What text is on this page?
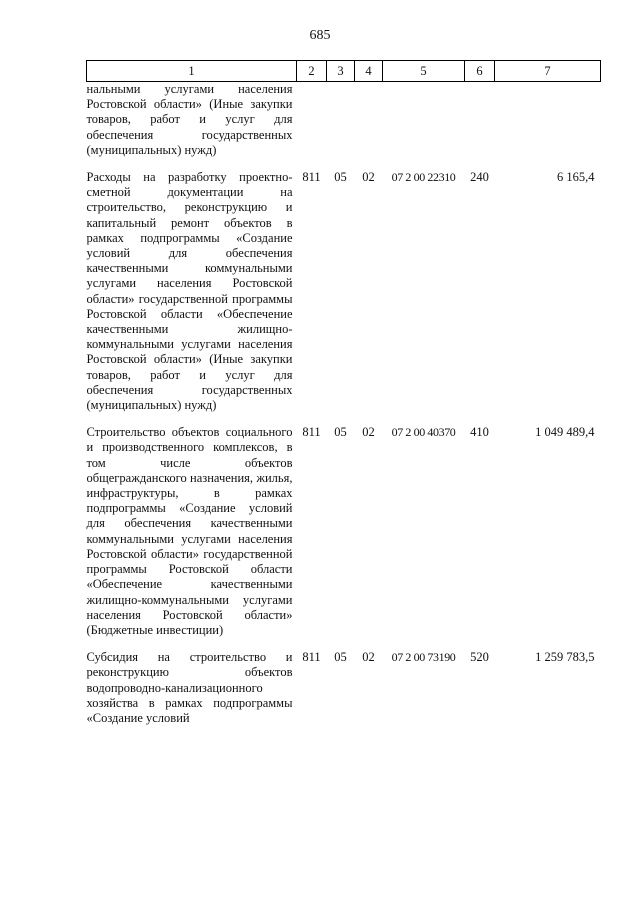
685
1	2	3	4	5	6	7
нальными услугами населения Ростовской области» (Иные закупки товаров, работ и услуг для обеспечения государственных (муниципальных) нужд)						

Расходы на разработку проектно-сметной документации на строительство, реконструкцию и капитальный ремонт объектов в рамках подпрограммы «Создание условий для обеспечения качественными коммунальными услугами населения Ростовской области» государственной программы Ростовской области «Обеспечение качественными жилищно-коммунальными услугами населения Ростовской области» (Иные закупки товаров, работ и услуг для обеспечения государственных (муниципальных) нужд)	811	05	02	07 2 00 22310	240	6 165,4

Строительство объектов социального и производственного комплексов, в том числе объектов общегражданского назначения, жилья, инфраструктуры, в рамках подпрограммы «Создание условий для обеспечения качественными коммунальными услугами населения Ростовской области» государственной программы Ростовской области «Обеспечение качественными жилищно-коммунальными услугами населения Ростовской области» (Бюджетные инвестиции)	811	05	02	07 2 00 40370	410	1 049 489,4

Субсидия на строительство и реконструкцию объектов водопроводно-канализационного хозяйства в рамках подпрограммы «Создание условий	811	05	02	07 2 00 73190	520	1 259 783,5
